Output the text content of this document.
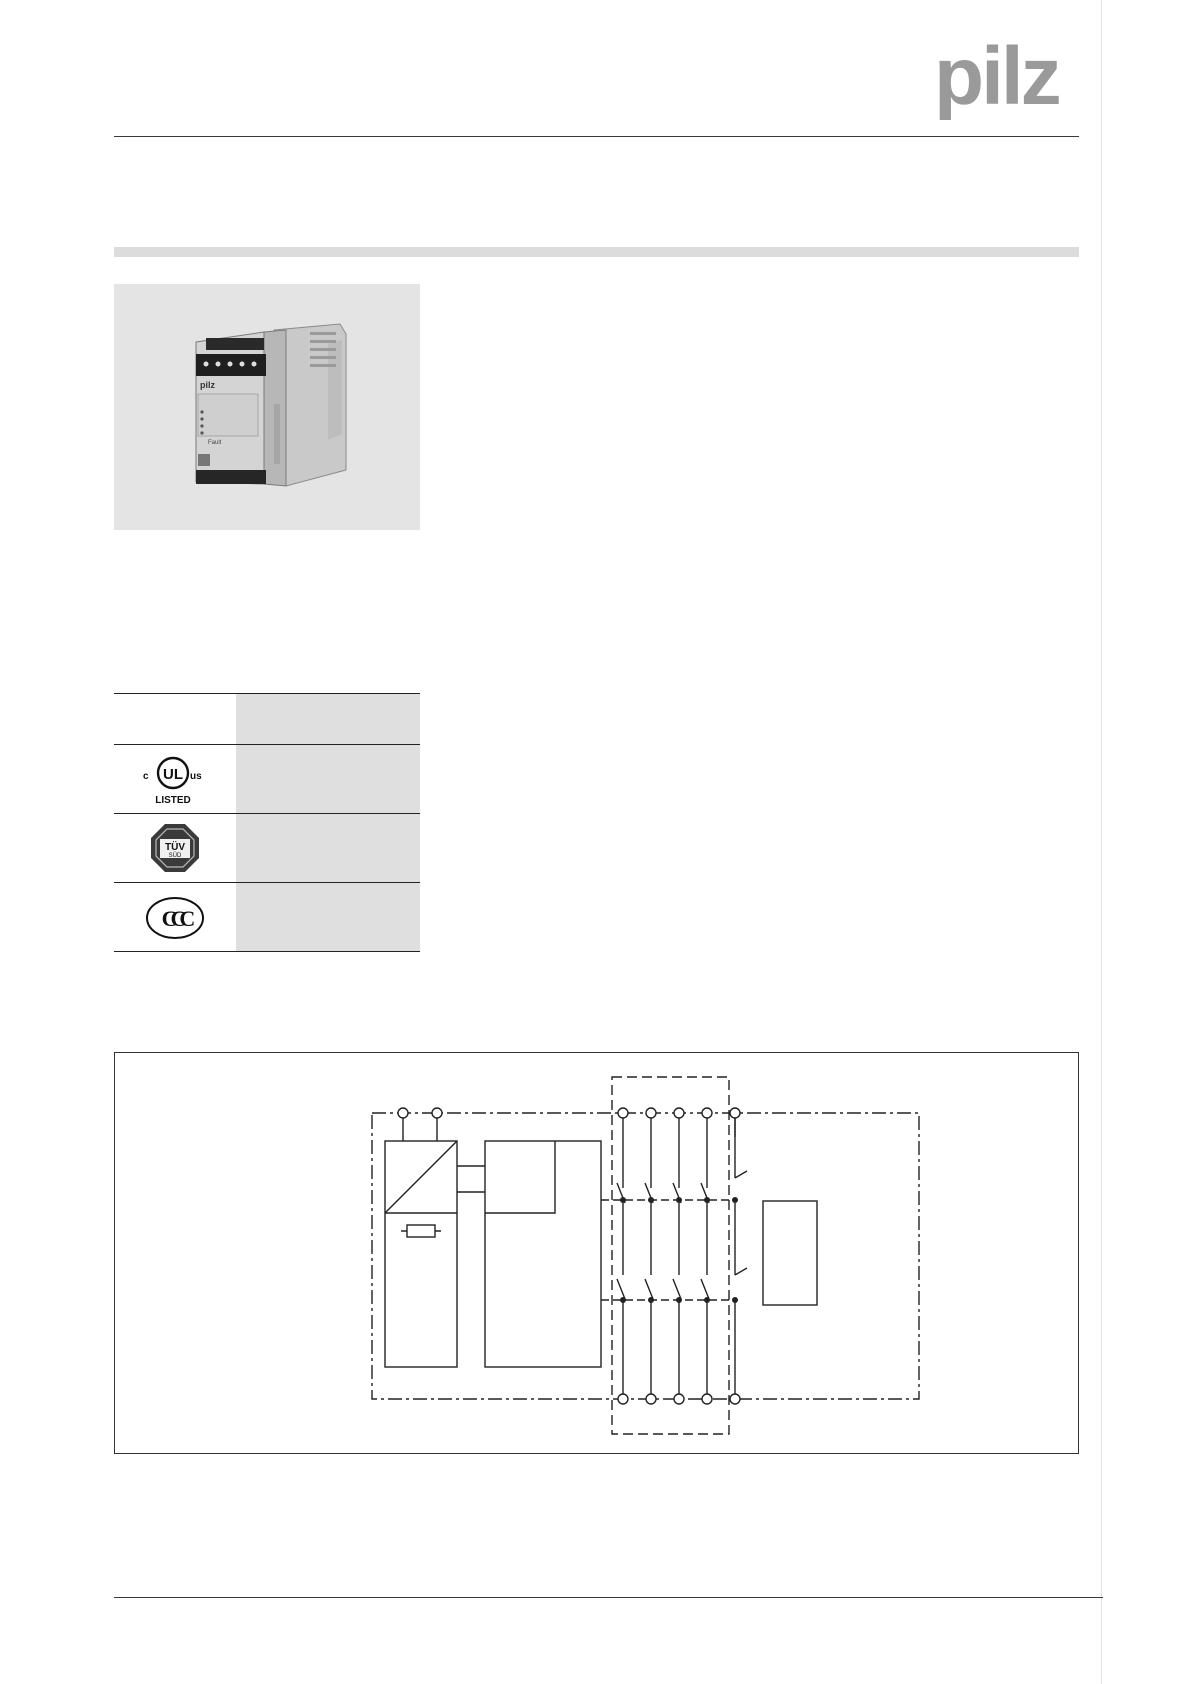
pilz
pilz
Fault
c UL us
LISTED
TÜV
SÜD
CCC
